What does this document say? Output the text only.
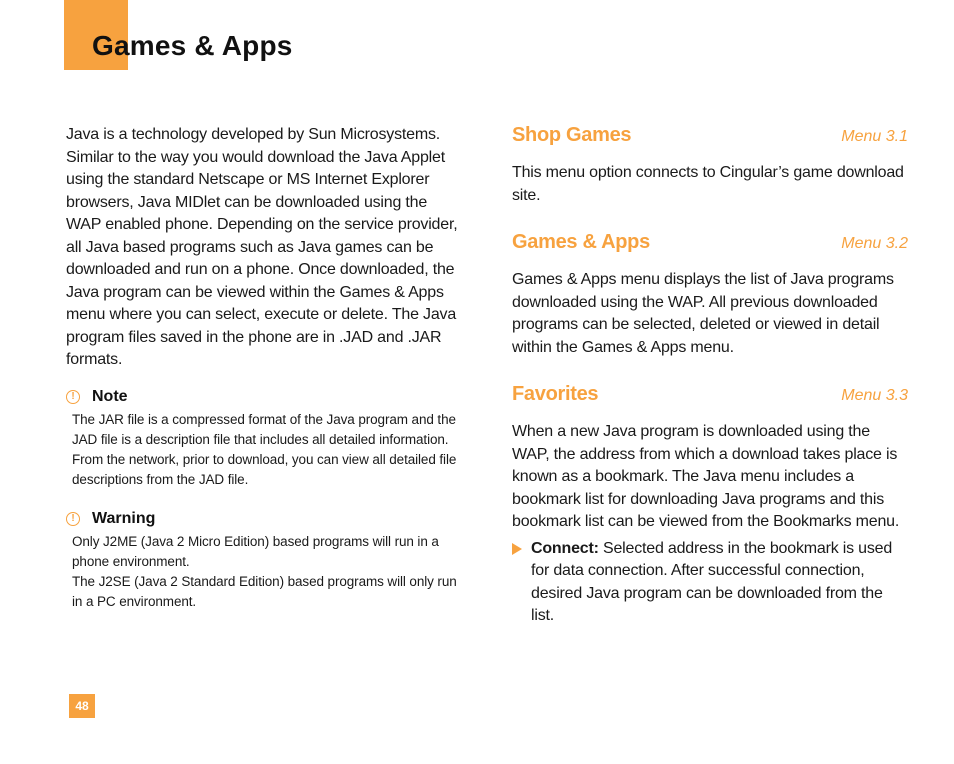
Games & Apps

Java is a technology developed by Sun Microsystems. Similar to the way you would download the Java Applet using the standard Netscape or MS Internet Explorer browsers, Java MIDlet can be downloaded using the WAP enabled phone. Depending on the service provider, all Java based programs such as Java games can be downloaded and run on a phone. Once downloaded, the Java program can be viewed within the Games & Apps menu where you can select, execute or delete. The Java program files saved in the phone are in .JAD and .JAR formats.

!	Note

The JAR file is a compressed format of the Java program and the JAD file is a description file that includes all detailed information. From the network, prior to download, you can view all detailed file descriptions from the JAD file.

!	Warning

Only J2ME (Java 2 Micro Edition) based programs will run in a phone environment.

The J2SE (Java 2 Standard Edition) based programs will only run in a PC environment.

Shop Games	Menu 3.1

This menu option connects to Cingular’s game download site.

Games & Apps	Menu 3.2

Games & Apps menu displays the list of Java programs downloaded using the WAP. All previous downloaded programs can be selected, deleted or viewed in detail within the Games & Apps menu.

Favorites	Menu 3.3

When a new Java program is downloaded using the WAP, the address from which a download takes place is known as a bookmark. The Java menu includes a bookmark list for downloading Java programs and this bookmark list can be viewed from the Bookmarks menu.

Connect: Selected address in the bookmark is used for data connection. After successful connection, desired Java program can be downloaded from the list.

48
